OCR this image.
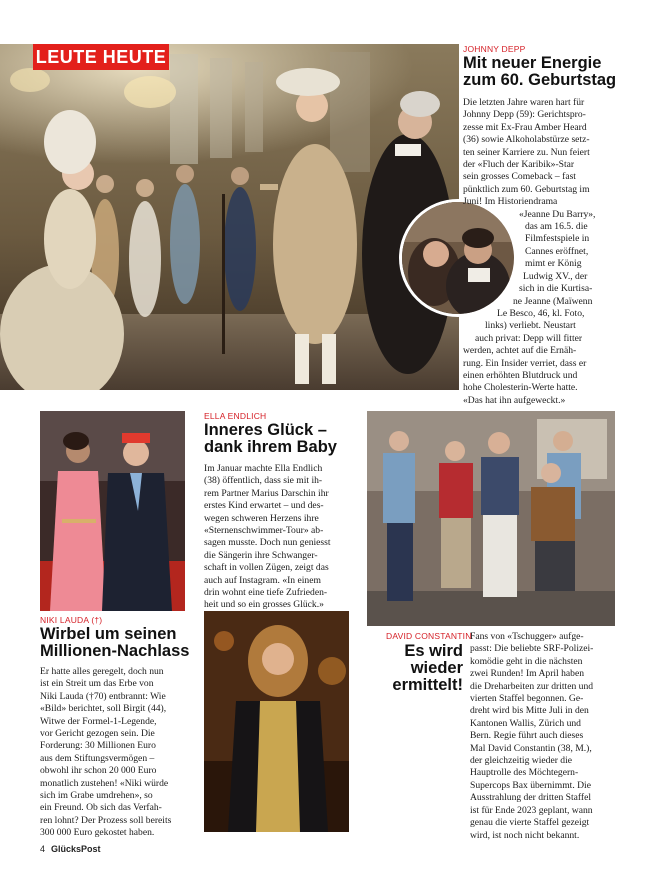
LEUTE HEUTE	JOHNNY DEPP
Mit neuer Energie
zum 60. Geburtstag
Die letzten Jahre waren hart für
Johnny Depp (59): Gerichtspro-
zesse mit Ex-Frau Amber Heard
(36) sowie Alkoholabstürze setz-
ten seiner Karriere zu. Nun feiert
der «Fluch der Karibik»-Star
sein grosses Comeback – fast
pünktlich zum 60. Geburtstag im
Juni! Im Historiendrama
«Jeanne Du Barry»,
das am 16.5. die
Filmfestspiele in
Cannes eröffnet,
mimt er König
Ludwig XV., der
sich in die Kurtisa-
ne Jeanne (Maïwenn
Le Besco, 46, kl. Foto,
links) verliebt. Neustart
auch privat: Depp will fitter
werden, achtet auf die Ernäh-
rung. Ein Insider verriet, dass er
einen erhöhten Blutdruck und
hohe Cholesterin-Werte hatte.
«Das hat ihn aufgeweckt.»
NIKI LAUDA (†)
Wirbel um seinen
Millionen-Nachlass
Er hatte alles geregelt, doch nun
ist ein Streit um das Erbe von
Niki Lauda (†70) entbrannt: Wie
«Bild» berichtet, soll Birgit (44),
Witwe der Formel-1-Legende,
vor Gericht gezogen sein. Die
Forderung: 30 Millionen Euro
aus dem Stiftungsvermögen –
obwohl ihr schon 20 000 Euro
monatlich zustehen! «Niki würde
sich im Grabe umdrehen», so
ein Freund. Ob sich das Verfah-
ren lohnt? Der Prozess soll bereits
300 000 Euro gekostet haben.
ELLA ENDLICH
Inneres Glück –
dank ihrem Baby
Im Januar machte Ella Endlich
(38) öffentlich, dass sie mit ih-
rem Partner Marius Darschin ihr
erstes Kind erwartet – und des-
wegen schweren Herzens ihre
«Sternenschwimmer-Tour» ab-
sagen musste. Doch nun geniesst
die Sängerin ihre Schwanger-
schaft in vollen Zügen, zeigt das
auch auf Instagram. «In einem
drin wohnt eine tiefe Zufrieden-
heit und so ein grosses Glück.»
DAVID CONSTANTIN
Es wird
wieder
ermittelt!
Fans von «Tschugger» aufge-
passt: Die beliebte SRF-Polizei-
komödie geht in die nächsten
zwei Runden! Im April haben
die Dreharbeiten zur dritten und
vierten Staffel begonnen. Ge-
dreht wird bis Mitte Juli in den
Kantonen Wallis, Zürich und
Bern. Regie führt auch dieses
Mal David Constantin (38, M.),
der gleichzeitig wieder die
Hauptrolle des Möchtegern-
Supercops Bax übernimmt. Die
Ausstrahlung der dritten Staffel
ist für Ende 2023 geplant, wann
genau die vierte Staffel gezeigt
wird, ist noch nicht bekannt.
4 GlücksPost
